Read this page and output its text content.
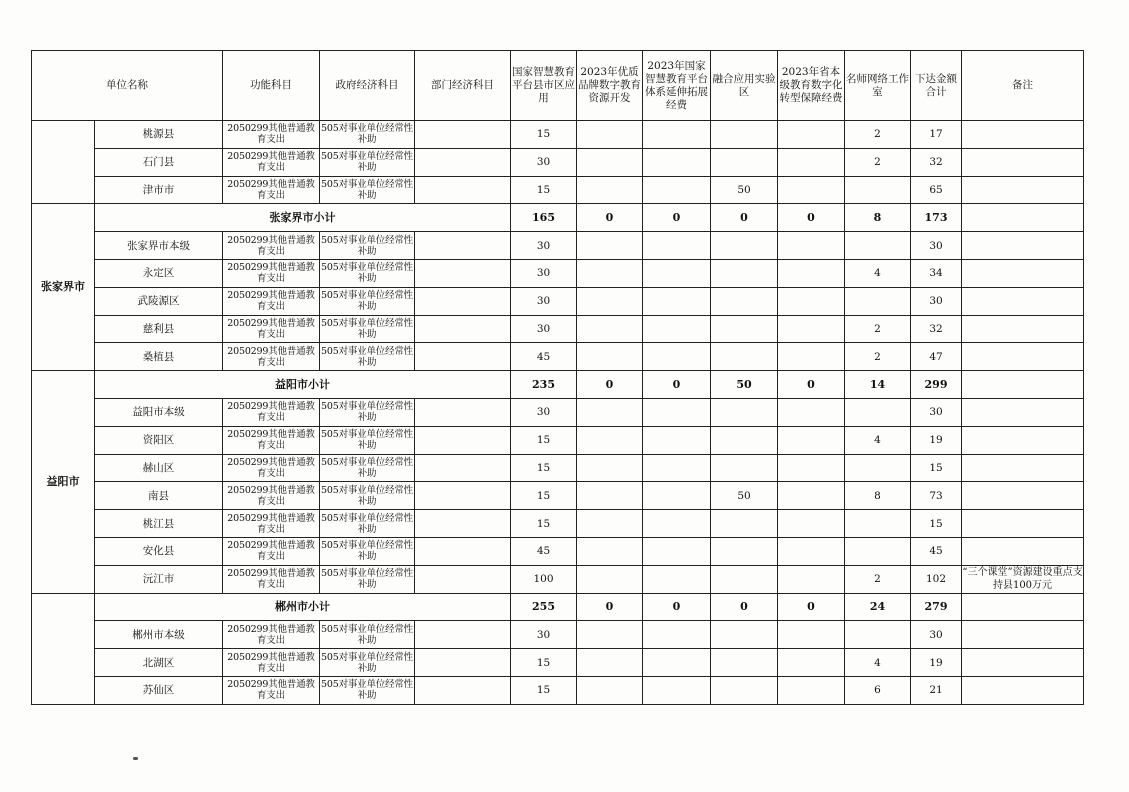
单位名称		功能科目	政府经济科目	部门经济科目	国家智慧教育平台县市区应用	2023年优质品牌数字教育资源开发	2023年国家智慧教育平台体系延伸拓展经费	融合应用实验区	2023年省本级教育数字化转型保障经费	名师网络工作室	下达金额合计	备注
	桃源县	2050299其他普通教育支出	505对事业单位经常性补助		15					2	17	
	石门县	2050299其他普通教育支出	505对事业单位经常性补助		30					2	32	
	津市市	2050299其他普通教育支出	505对事业单位经常性补助		15			50			65	
张家界市	张家界市小计				165	0	0	0	0	8	173	
	张家界市本级	2050299其他普通教育支出	505对事业单位经常性补助		30						30	
	永定区	2050299其他普通教育支出	505对事业单位经常性补助		30					4	34	
	武陵源区	2050299其他普通教育支出	505对事业单位经常性补助		30						30	
	慈利县	2050299其他普通教育支出	505对事业单位经常性补助		30					2	32	
	桑植县	2050299其他普通教育支出	505对事业单位经常性补助		45					2	47	
益阳市	益阳市小计				235	0	0	50	0	14	299	
	益阳市本级	2050299其他普通教育支出	505对事业单位经常性补助		30						30	
	资阳区	2050299其他普通教育支出	505对事业单位经常性补助		15					4	19	
	赫山区	2050299其他普通教育支出	505对事业单位经常性补助		15						15	
	南县	2050299其他普通教育支出	505对事业单位经常性补助		15			50		8	73	
	桃江县	2050299其他普通教育支出	505对事业单位经常性补助		15						15	
	安化县	2050299其他普通教育支出	505对事业单位经常性补助		45						45	
	沅江市	2050299其他普通教育支出	505对事业单位经常性补助		100					2	102	“三个课堂”资源建设重点支持县100万元
	郴州市小计				255	0	0	0	0	24	279	
	郴州市本级	2050299其他普通教育支出	505对事业单位经常性补助		30						30	
	北湖区	2050299其他普通教育支出	505对事业单位经常性补助		15					4	19	
	苏仙区	2050299其他普通教育支出	505对事业单位经常性补助		15					6	21	
